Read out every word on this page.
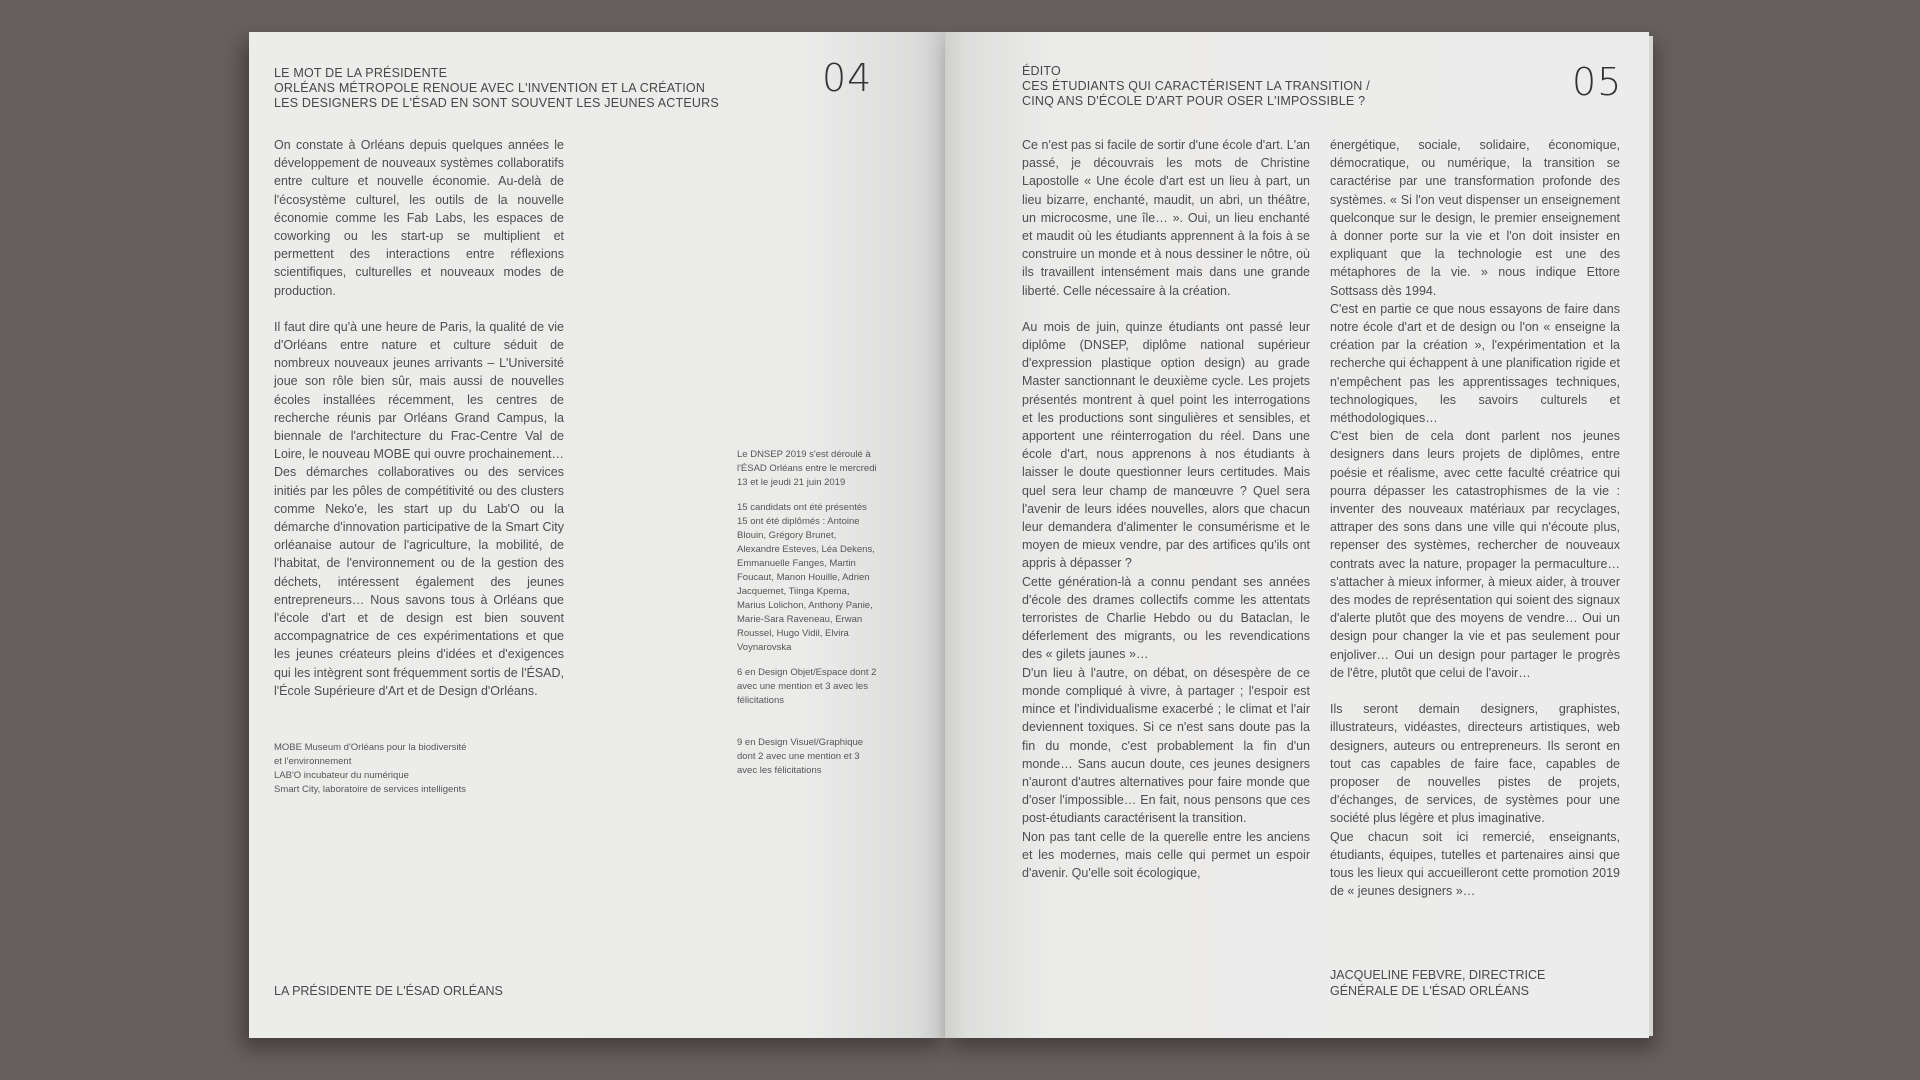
LE MOT DE LA PRÉSIDENTE
ORLÉANS MÉTROPOLE RENOUE AVEC L'INVENTION ET LA CRÉATION
LES DESIGNERS DE L'ÉSAD EN SONT SOUVENT LES JEUNES ACTEURS
04

On constate à Orléans depuis quelques années le développement de nouveaux systèmes collaboratifs entre culture et nouvelle économie. Au-delà de l'écosystème culturel, les outils de la nouvelle économie comme les Fab Labs, les espaces de coworking ou les start-up se multiplient et permettent des interactions entre réflexions scientifiques, culturelles et nouveaux modes de production.

Il faut dire qu'à une heure de Paris, la qualité de vie d'Orléans entre nature et culture séduit de nombreux nouveaux jeunes arrivants – L'Université joue son rôle bien sûr, mais aussi de nouvelles écoles installées récemment, les centres de recherche réunis par Orléans Grand Campus, la biennale de l'architecture du Frac-Centre Val de Loire, le nouveau MOBE qui ouvre prochainement… Des démarches collaboratives ou des services initiés par les pôles de compétitivité ou des clusters comme Neko'e, les start up du Lab'O ou la démarche d'innovation participative de la Smart City orléanaise autour de l'agriculture, la mobilité, de l'habitat, de l'environnement ou de la gestion des déchets, intéressent également des jeunes entrepreneurs… Nous savons tous à Orléans que l'école d'art et de design est bien souvent accompagnatrice de ces expérimentations et que les jeunes créateurs pleins d'idées et d'exigences qui les intègrent sont fréquemment sortis de l'ÉSAD, l'École Supérieure d'Art et de Design d'Orléans.

MOBE Museum d'Orléans pour la biodiversité
et l'environnement
LAB'O incubateur du numérique
Smart City, laboratoire de services intelligents

Le DNSEP 2019 s'est déroulé à l'ÉSAD Orléans entre le mercredi 13 et le jeudi 21 juin 2019

15 candidats ont été présentés 15 ont été diplômés : Antoine Blouin, Grégory Brunet, Alexandre Esteves, Léa Dekens, Emmanuelle Fanges, Martin Foucaut, Manon Houille, Adrien Jacquemet, Tiinga Kpema, Marius Lolichon, Anthony Panie, Marie-Sara Raveneau, Erwan Roussel, Hugo Vidil, Elvira Voynarovska

6 en Design Objet/Espace dont 2 avec une mention et 3 avec les félicitations

9 en Design Visuel/Graphique dont 2 avec une mention et 3 avec les félicitations

LA PRÉSIDENTE DE L'ÉSAD ORLÉANS
ÉDITO
CES ÉTUDIANTS QUI CARACTÉRISENT LA TRANSITION /
CINQ ANS D'ÉCOLE D'ART POUR OSER L'IMPOSSIBLE ?	05

Ce n'est pas si facile de sortir d'une école d'art. L'an passé, je découvrais les mots de Christine Lapostolle « Une école d'art est un lieu à part, un lieu bizarre, enchanté, maudit, un abri, un théâtre, un microcosme, une île… ». Oui, un lieu enchanté et maudit où les étudiants apprennent à la fois à se construire un monde et à nous dessiner le nôtre, où ils travaillent intensément mais dans une grande liberté. Celle nécessaire à la création.

Au mois de juin, quinze étudiants ont passé leur diplôme (DNSEP, diplôme national supérieur d'expression plastique option design) au grade Master sanctionnant le deuxième cycle. Les projets présentés montrent à quel point les interrogations et les productions sont singulières et sensibles, et apportent une réinterrogation du réel. Dans une école d'art, nous apprenons à nos étudiants à laisser le doute questionner leurs certitudes. Mais quel sera leur champ de manœuvre ? Quel sera l'avenir de leurs idées nouvelles, alors que chacun leur demandera d'alimenter le consumérisme et le moyen de mieux vendre, par des artifices qu'ils ont appris à dépasser ?

Cette génération-là a connu pendant ses années d'école des drames collectifs comme les attentats terroristes de Charlie Hebdo ou du Bataclan, le déferlement des migrants, ou les revendications des « gilets jaunes »…

D'un lieu à l'autre, on débat, on désespère de ce monde compliqué à vivre, à partager ; l'espoir est mince et l'individualisme exacerbé ; le climat et l'air deviennent toxiques. Si ce n'est sans doute pas la fin du monde, c'est probablement la fin d'un monde… Sans aucun doute, ces jeunes designers n'auront d'autres alternatives pour faire monde que d'oser l'impossible… En fait, nous pensons que ces post-étudiants caractérisent la transition.

Non pas tant celle de la querelle entre les anciens et les modernes, mais celle qui permet un espoir d'avenir. Qu'elle soit écologique,

énergétique, sociale, solidaire, économique, démocratique, ou numérique, la transition se caractérise par une transformation profonde des systèmes. « Si l'on veut dispenser un enseignement quelconque sur le design, le premier enseignement à donner porte sur la vie et l'on doit insister en expliquant que la technologie est une des métaphores de la vie. » nous indique Ettore Sottsass dès 1994.

C'est en partie ce que nous essayons de faire dans notre école d'art et de design ou l'on « enseigne la création par la création », l'expérimentation et la recherche qui échappent à une planification rigide et n'empêchent pas les apprentissages techniques, technologiques, les savoirs culturels et méthodologiques…

C'est bien de cela dont parlent nos jeunes designers dans leurs projets de diplômes, entre poésie et réalisme, avec cette faculté créatrice qui pourra dépasser les catastrophismes de la vie : inventer des nouveaux matériaux par recyclages, attraper des sons dans une ville qui n'écoute plus, repenser des systèmes, rechercher de nouveaux contrats avec la nature, propager la permaculture… s'attacher à mieux informer, à mieux aider, à trouver des modes de représentation qui soient des signaux d'alerte plutôt que des moyens de vendre… Oui un design pour changer la vie et pas seulement pour enjoliver… Oui un design pour partager le progrès de l'être, plutôt que celui de l'avoir…

Ils seront demain designers, graphistes, illustrateurs, vidéastes, directeurs artistiques, web designers, auteurs ou entrepreneurs. Ils seront en tout cas capables de faire face, capables de proposer de nouvelles pistes de projets, d'échanges, de services, de systèmes pour une société plus légère et plus imaginative.

Que chacun soit ici remercié, enseignants, étudiants, équipes, tutelles et partenaires ainsi que tous les lieux qui accueilleront cette promotion 2019 de « jeunes designers »…

JACQUELINE FEBVRE, DIRECTRICE
GÉNÉRALE DE L'ÉSAD ORLÉANS
